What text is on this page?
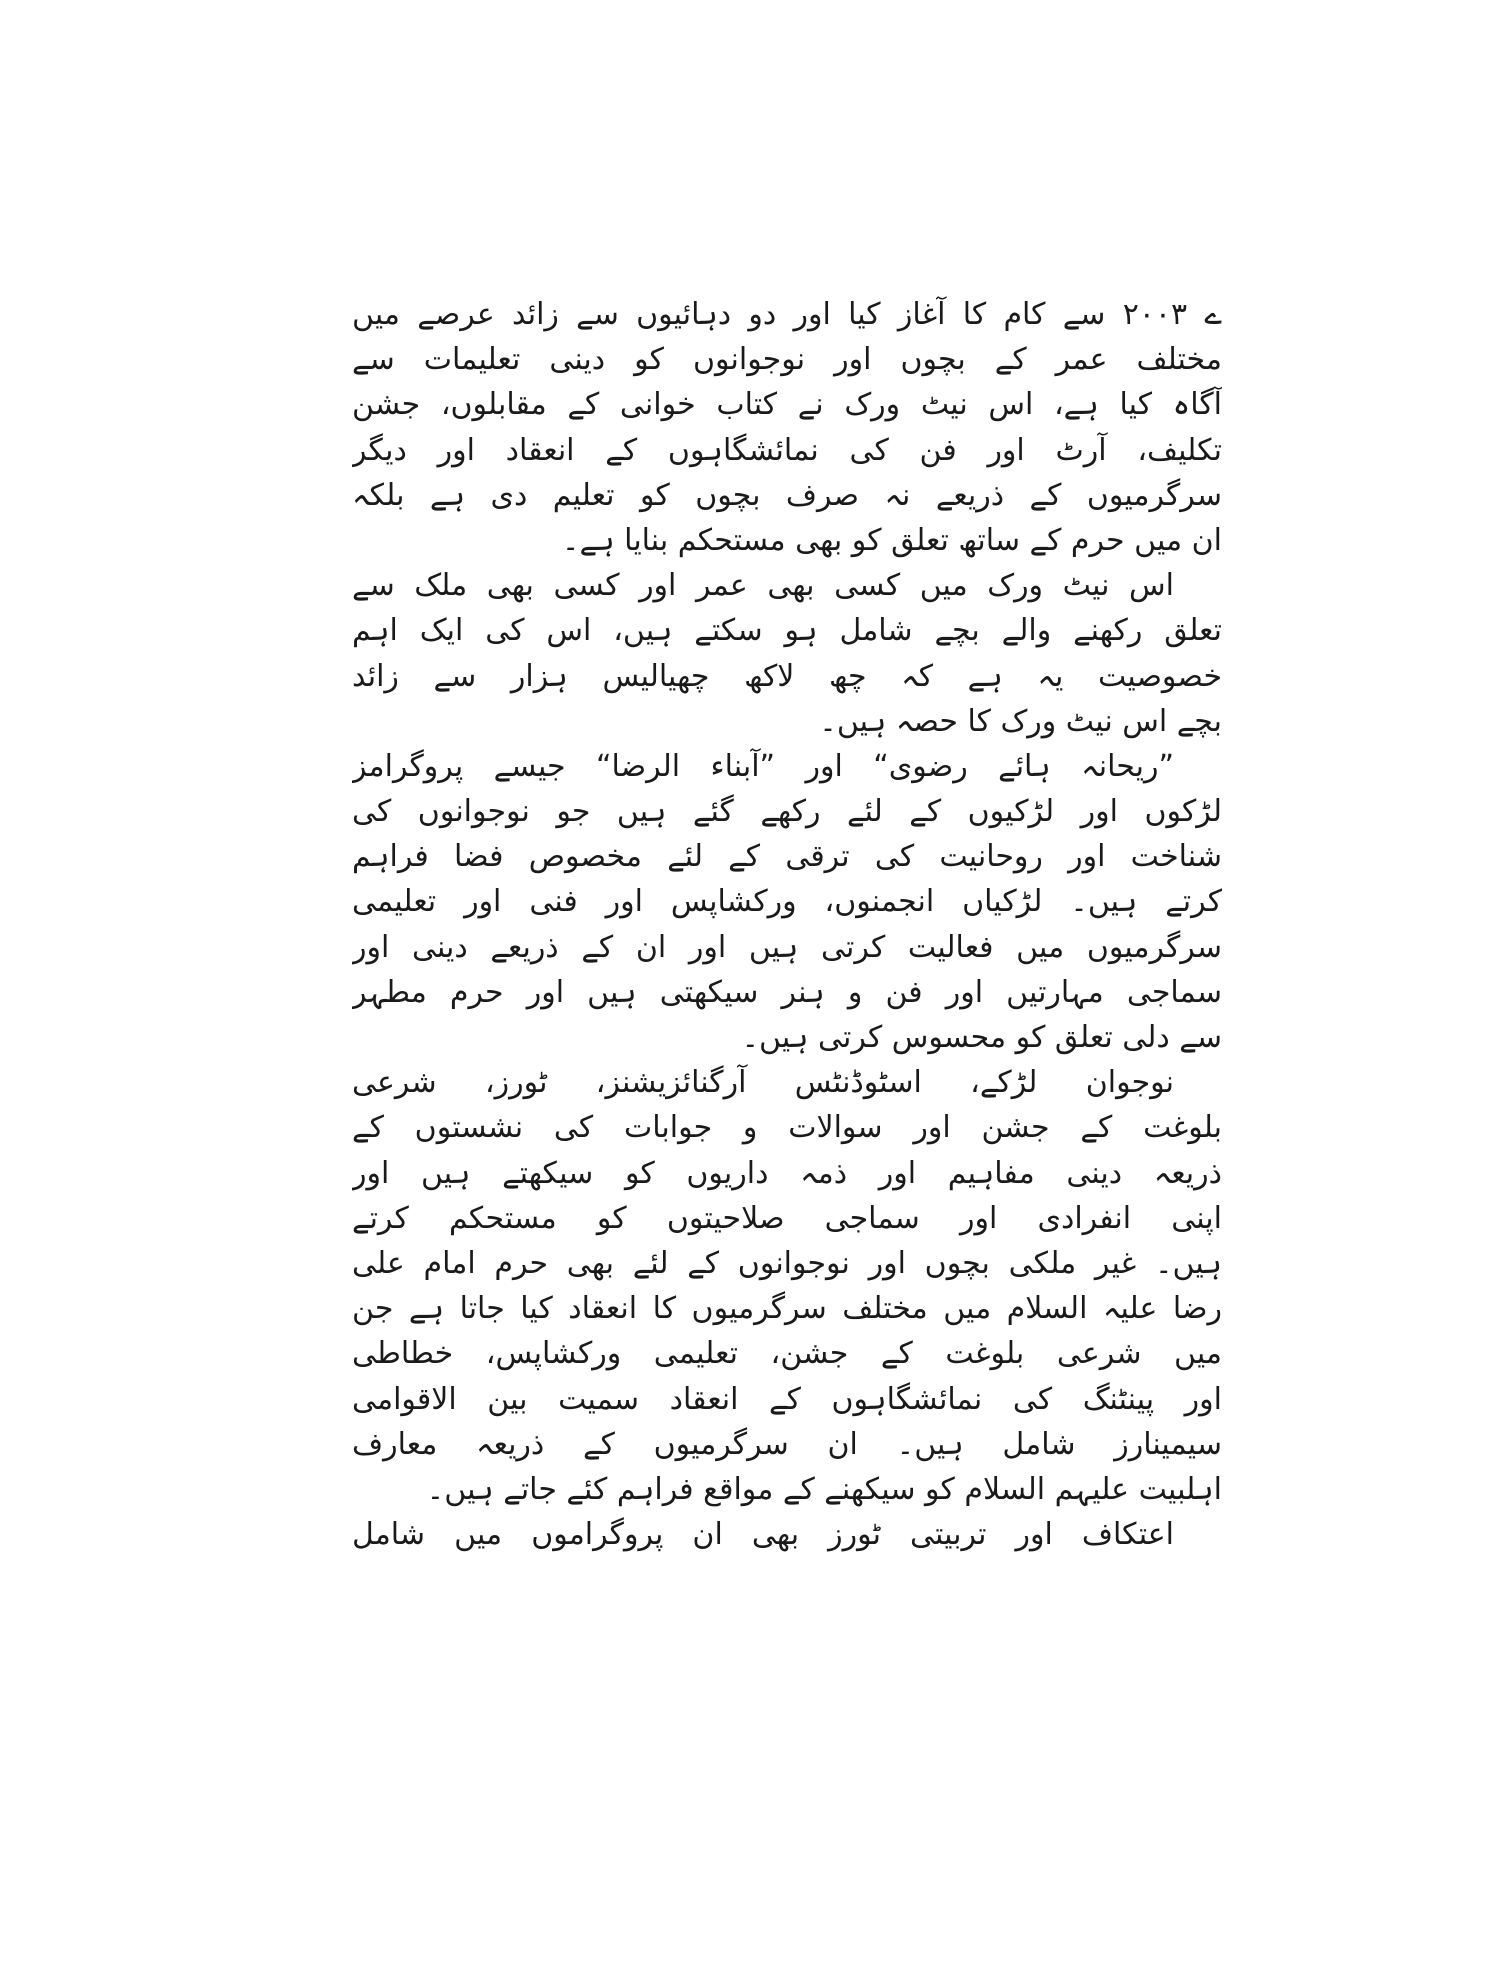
ے ۲۰۰۳ سے کام کا آغاز کیا اور دو دہائیوں سے زائد عرصے میں
مختلف عمر کے بچوں اور نوجوانوں کو دینی تعلیمات سے
آگاہ کیا ہے، اس نیٹ ورک نے کتاب خوانی کے مقابلوں، جشن
تکلیف، آرٹ اور فن کی نمائشگاہوں کے انعقاد اور دیگر
سرگرمیوں کے ذریعے نہ صرف بچوں کو تعلیم دی ہے بلکہ
ان میں حرم کے ساتھ تعلق کو بھی مستحکم بنایا ہے۔
اس نیٹ ورک میں کسی بھی عمر اور کسی بھی ملک سے
تعلق رکھنے والے بچے شامل ہو سکتے ہیں، اس کی ایک اہم
خصوصیت یہ ہے کہ چھ لاکھ چھیالیس ہزار سے زائد
بچے اس نیٹ ورک کا حصہ ہیں۔
”ریحانہ ہائے رضوی“ اور ”آبناء الرضا“ جیسے پروگرامز
لڑکوں اور لڑکیوں کے لئے رکھے گئے ہیں جو نوجوانوں کی
شناخت اور روحانیت کی ترقی کے لئے مخصوص فضا فراہم
کرتے ہیں۔ لڑکیاں انجمنوں، ورکشاپس اور فنی اور تعلیمی
سرگرمیوں میں فعالیت کرتی ہیں اور ان کے ذریعے دینی اور
سماجی مہارتیں اور فن و ہنر سیکھتی ہیں اور حرم مطہر
سے دلی تعلق کو محسوس کرتی ہیں۔
نوجوان لڑکے، اسٹوڈنٹس آرگنائزیشنز، ٹورز، شرعی
بلوغت کے جشن اور سوالات و جوابات کی نشستوں کے
ذریعہ دینی مفاہیم اور ذمہ داریوں کو سیکھتے ہیں اور
اپنی انفرادی اور سماجی صلاحیتوں کو مستحکم کرتے
ہیں۔ غیر ملکی بچوں اور نوجوانوں کے لئے بھی حرم امام علی
رضا علیہ السلام میں مختلف سرگرمیوں کا انعقاد کیا جاتا ہے جن
میں شرعی بلوغت کے جشن، تعلیمی ورکشاپس، خطاطی
اور پینٹنگ کی نمائشگاہوں کے انعقاد سمیت بین الاقوامی
سیمینارز شامل ہیں۔ ان سرگرمیوں کے ذریعہ معارف
اہلبیت علیہم السلام کو سیکھنے کے مواقع فراہم کئے جاتے ہیں۔
اعتکاف اور تربیتی ٹورز بھی ان پروگراموں میں شامل
